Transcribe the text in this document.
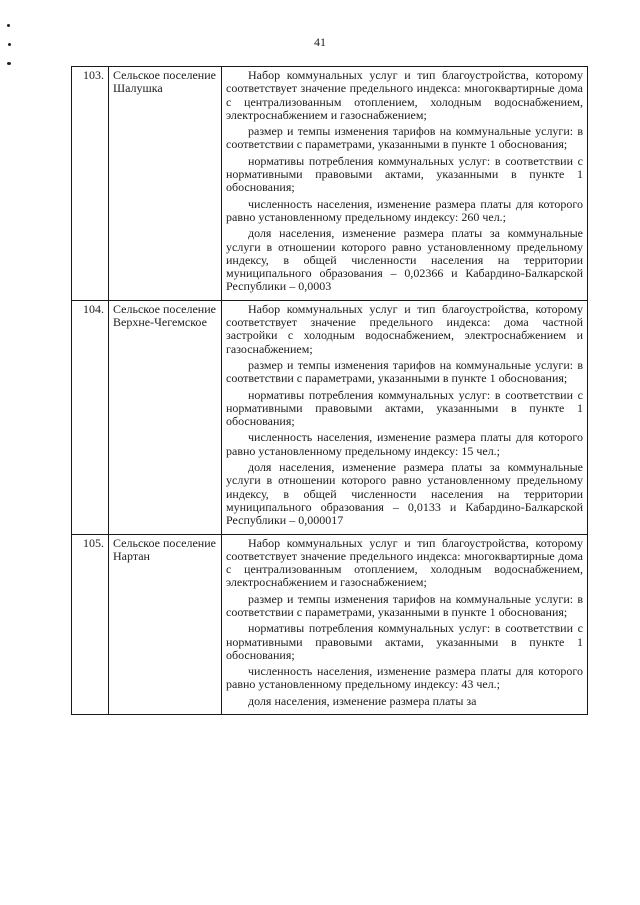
41
103.	Сельское поселение Шалушка	Набор коммунальных услуг и тип благоустройства, которому соответствует значение предельного индекса: многоквартирные дома с централизованным отоплением, холодным водоснабжением, электроснабжением и газоснабжением;

размер и темпы изменения тарифов на коммунальные услуги: в соответствии с параметрами, указанными в пункте 1 обоснования;

нормативы потребления коммунальных услуг: в соответствии с нормативными правовыми актами, указанными в пункте 1 обоснования;

численность населения, изменение размера платы для которого равно установленному предельному индексу: 260 чел.;

доля населения, изменение размера платы за коммунальные услуги в отношении которого равно установленному предельному индексу, в общей численности населения на территории муниципального образования – 0,02366 и Кабардино-Балкарской Республики – 0,0003

104.	Сельское поселение Верхне-Чегемское	Набор коммунальных услуг и тип благоустройства, которому соответствует значение предельного индекса: дома частной застройки с холодным водоснабжением, электроснабжением и газоснабжением;

размер и темпы изменения тарифов на коммунальные услуги: в соответствии с параметрами, указанными в пункте 1 обоснования;

нормативы потребления коммунальных услуг: в соответствии с нормативными правовыми актами, указанными в пункте 1 обоснования;

численность населения, изменение размера платы для которого равно установленному предельному индексу: 15 чел.;

доля населения, изменение размера платы за коммунальные услуги в отношении которого равно установленному предельному индексу, в общей численности населения на территории муниципального образования – 0,0133 и Кабардино-Балкарской Республики – 0,000017

105.	Сельское поселение Нартан	Набор коммунальных услуг и тип благоустройства, которому соответствует значение предельного индекса: многоквартирные дома с централизованным отоплением, холодным водоснабжением, электроснабжением и газоснабжением;

размер и темпы изменения тарифов на коммунальные услуги: в соответствии с параметрами, указанными в пункте 1 обоснования;

нормативы потребления коммунальных услуг: в соответствии с нормативными правовыми актами, указанными в пункте 1 обоснования;

численность населения, изменение размера платы для которого равно установленному предельному индексу: 43 чел.;

доля населения, изменение размера платы за
